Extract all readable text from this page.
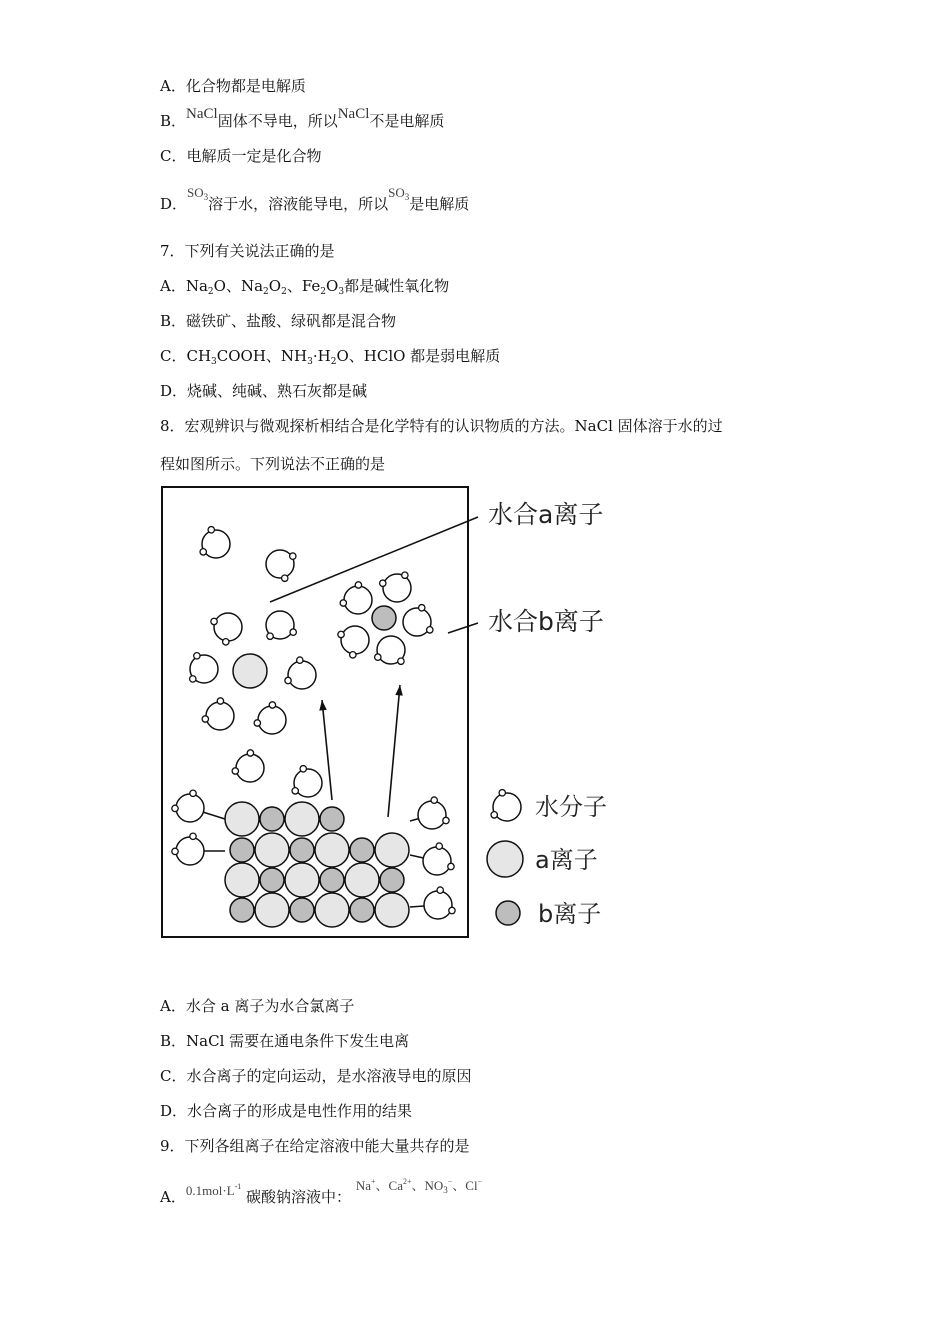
A．化合物都是电解质
B．NaCl固体不导电，所以NaCl不是电解质
C．电解质一定是化合物
D．$SO_3$溶于水，溶液能导电，所以$SO_3$是电解质
7．下列有关说法正确的是
A．$Na_2O$、$Na_2O_2$、$Fe_2O_3$都是碱性氧化物
B．磁铁矿、盐酸、绿矾都是混合物
C．$CH_3COOH$、$NH_3\cdot H_2O$、HClO 都是弱电解质
D．烧碱、纯碱、熟石灰都是碱
8．宏观辨识与微观探析相结合是化学特有的认识物质的方法。NaCl 固体溶于水的过
程如图所示。下列说法不正确的是
水合a离子
水合b离子
水分子
a离子
b离子
A．水合 a 离子为水合氯离子
B．NaCl 需要在通电条件下发生电离
C．水合离子的定向运动，是水溶液导电的原因
D．水合离子的形成是电性作用的结果
9．下列各组离子在给定溶液中能大量共存的是
A．$0.1mol\cdot L^{-1}$ 碳酸钠溶液中： Na+、$Ca^{2+}$、$NO_3^-$、Cl−
